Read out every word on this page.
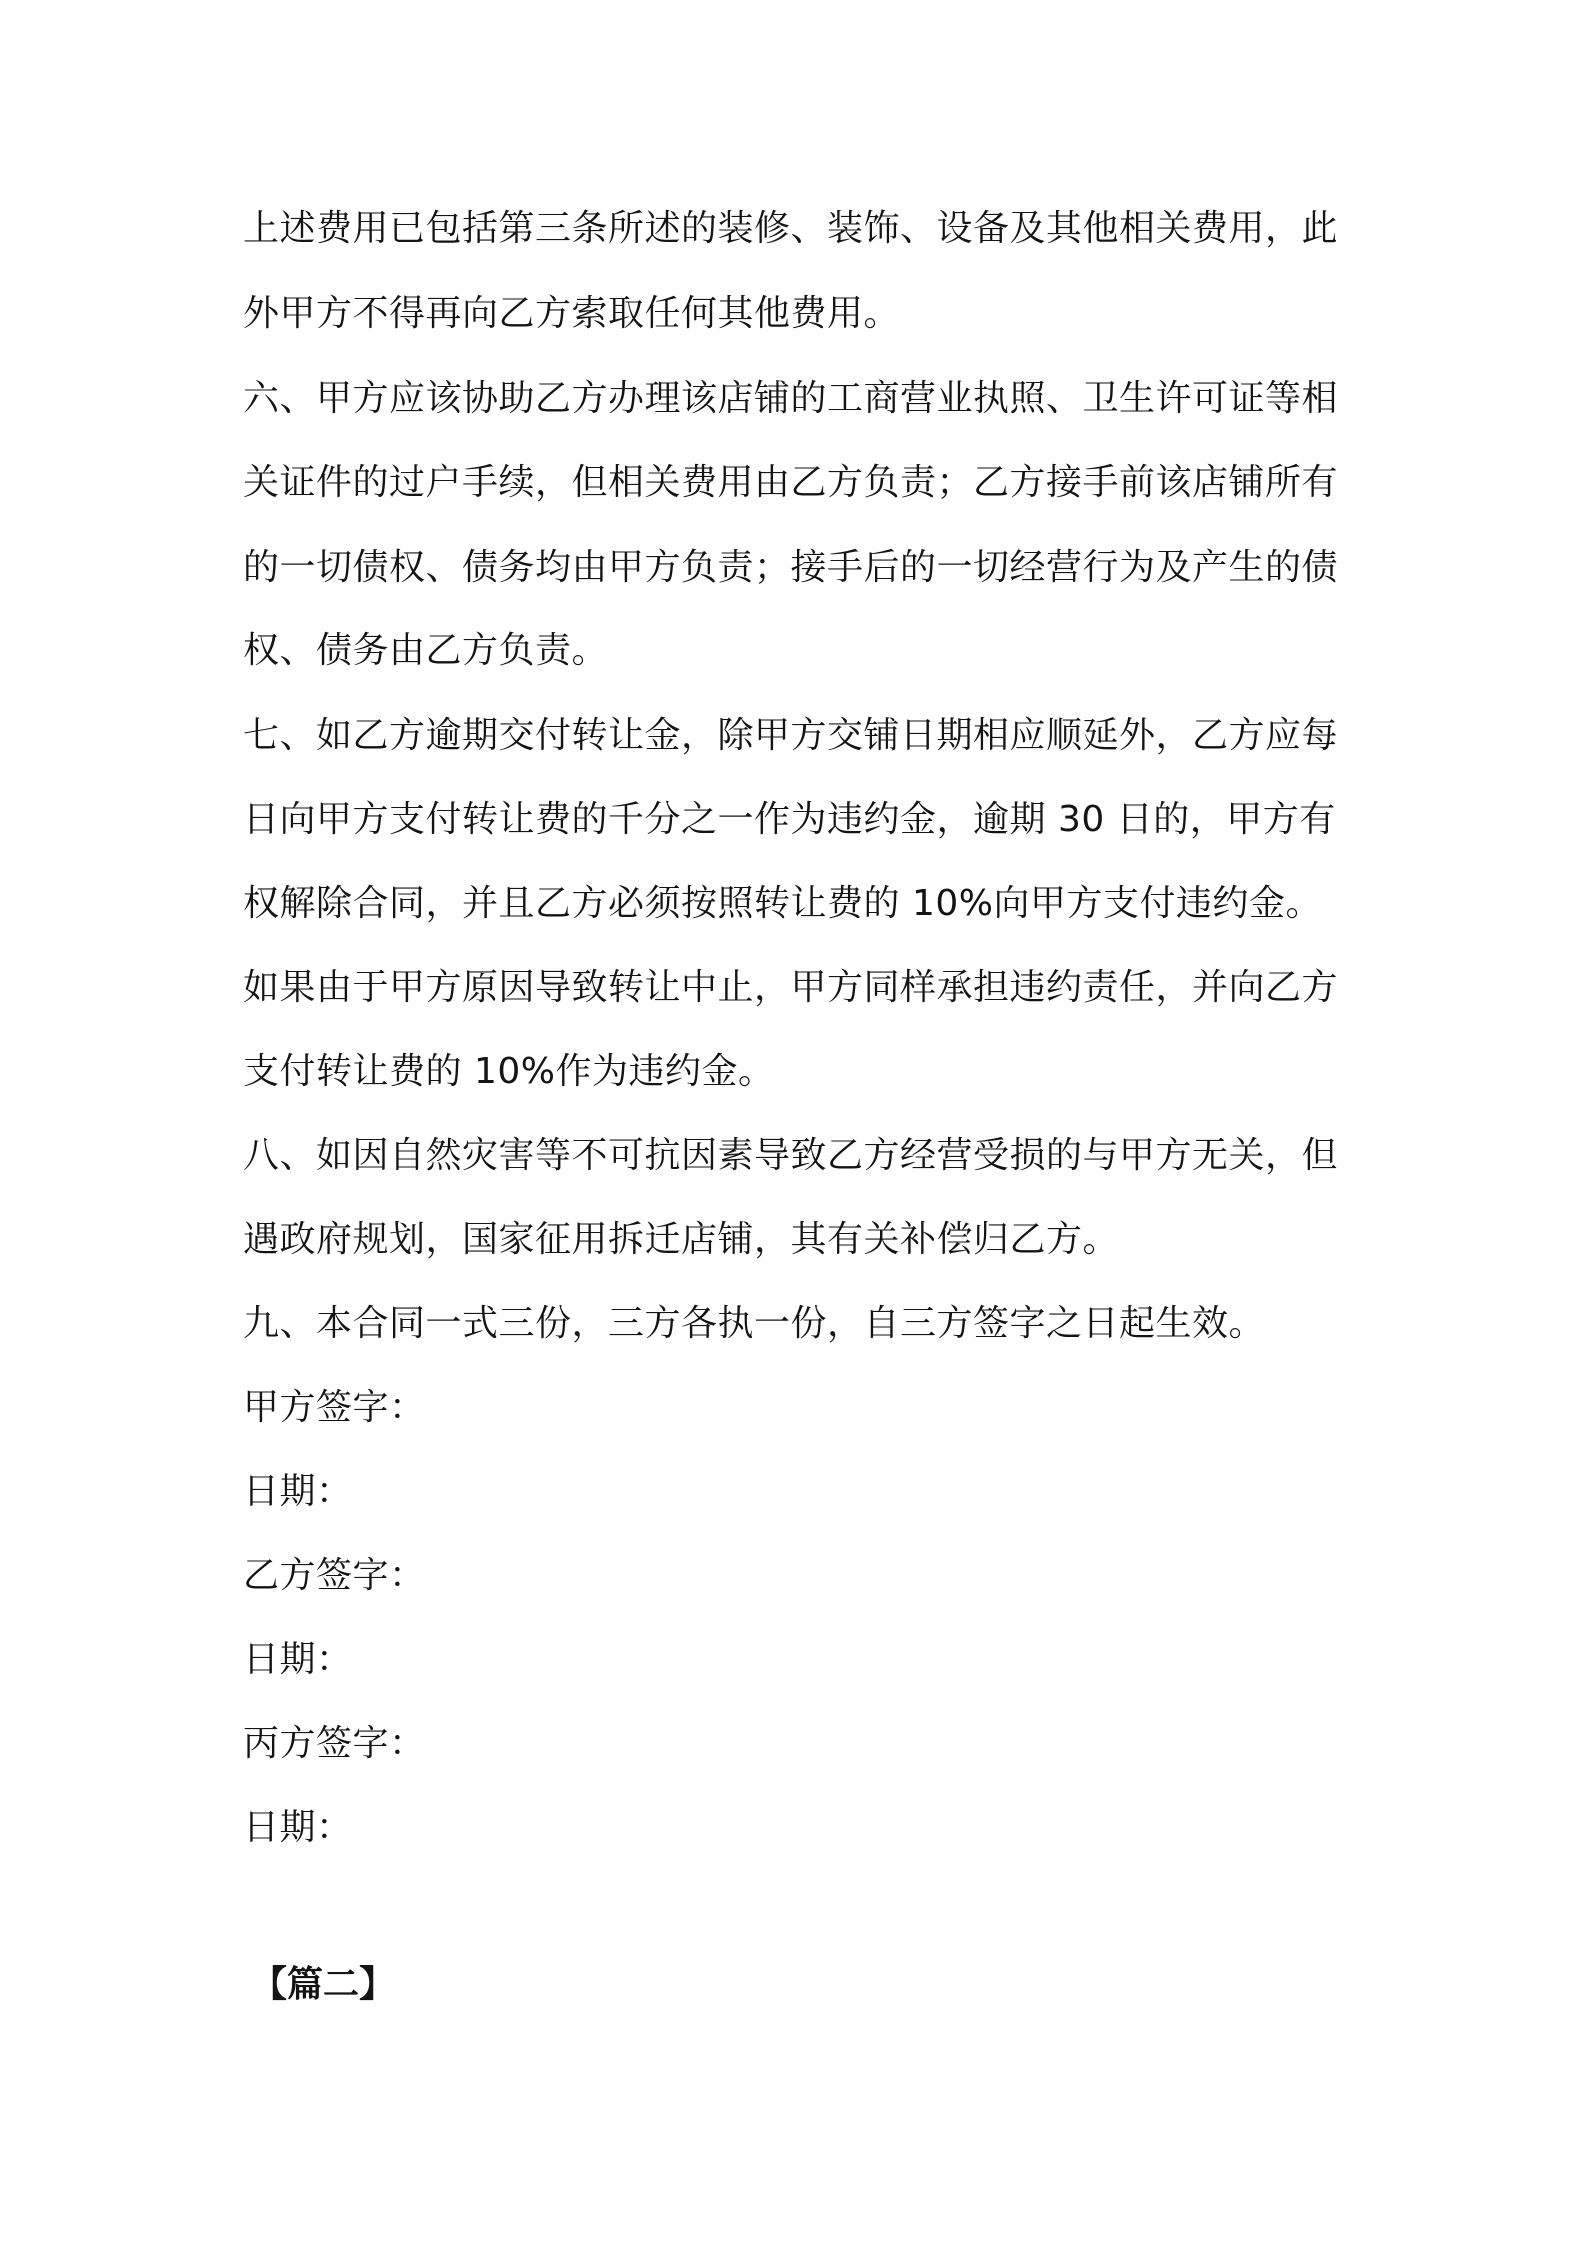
上述费用已包括第三条所述的装修、装饰、设备及其他相关费用，此
外甲方不得再向乙方索取任何其他费用。
六、甲方应该协助乙方办理该店铺的工商营业执照、卫生许可证等相
关证件的过户手续，但相关费用由乙方负责；乙方接手前该店铺所有
的一切债权、债务均由甲方负责；接手后的一切经营行为及产生的债
权、债务由乙方负责。
七、如乙方逾期交付转让金，除甲方交铺日期相应顺延外，乙方应每
日向甲方支付转让费的千分之一作为违约金，逾期 30 日的，甲方有
权解除合同，并且乙方必须按照转让费的 10%向甲方支付违约金。
如果由于甲方原因导致转让中止，甲方同样承担违约责任，并向乙方
支付转让费的 10%作为违约金。
八、如因自然灾害等不可抗因素导致乙方经营受损的与甲方无关，但
遇政府规划，国家征用拆迁店铺，其有关补偿归乙方。
九、本合同一式三份，三方各执一份，自三方签字之日起生效。
甲方签字：
日期：
乙方签字：
日期：
丙方签字：
日期：
【篇二】
